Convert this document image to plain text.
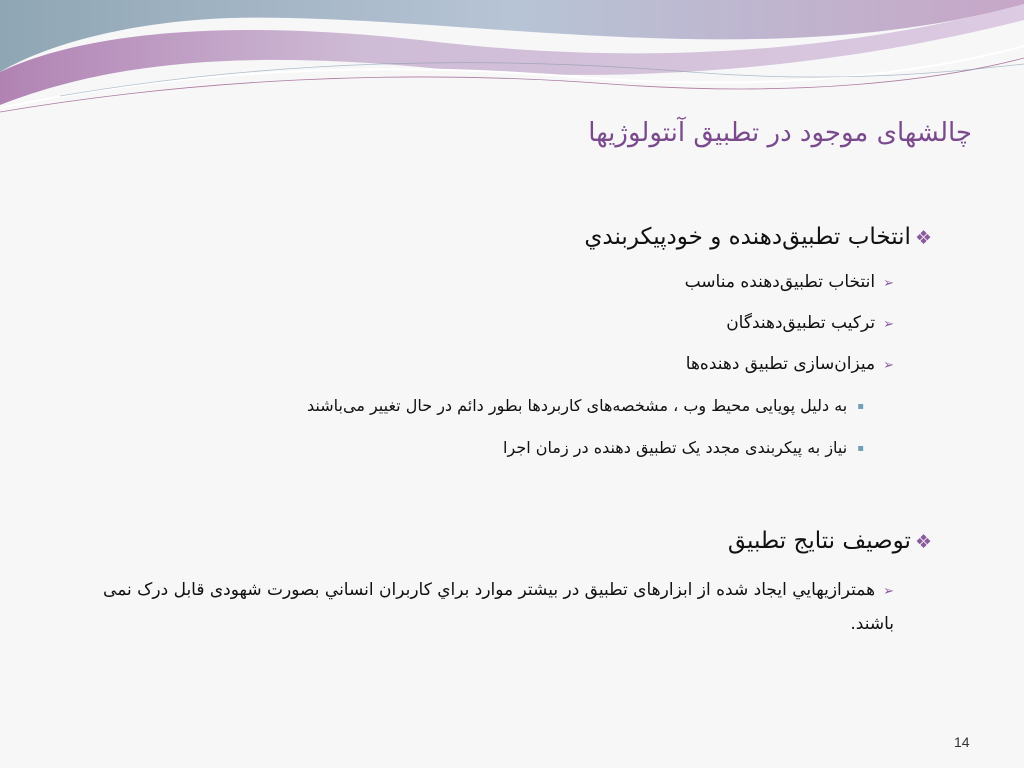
چالشهای موجود در تطبیق آنتولوژیها
❖انتخاب تطبیق‌دهنده و خودپیکربندي
➢انتخاب تطبیق‌دهنده مناسب
➢ترکیب تطبیق‌دهندگان
➢میزان‌سازی تطبیق دهنده‌ها
▪به دلیل پویایی محیط وب ، مشخصه‌های کاربردها بطور دائم در حال تغییر می‌باشند
▪نیاز به پیکربندی مجدد یک تطبیق دهنده در زمان اجرا
❖توصیف نتایج تطبیق
➢همترازیهايي ايجاد شده از ابزارهای تطبیق در بیشتر موارد براي كاربران انساني بصورت شهودی قابل درک نمی باشند.
14
